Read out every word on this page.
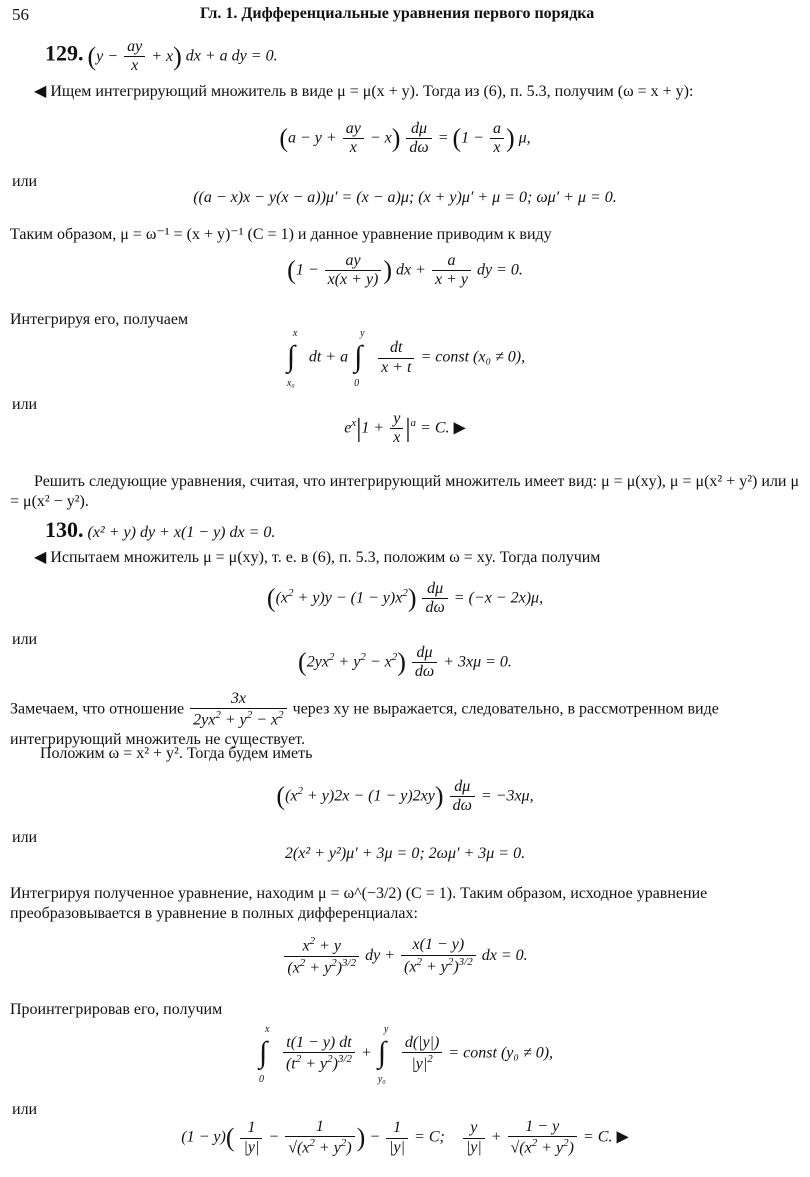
56	Гл. 1. Дифференциальные уравнения первого порядка
129. $(y - \frac{ay}{x} + x)$ dx + a dy = 0.
◀ Ищем интегрирующий множитель в виде μ = μ(x + y). Тогда из (6), п. 5.3, получим (ω = x + y):
$(a - y + \frac{ay}{x} - x) \frac{d\mu}{d\omega} = (1 - \frac{a}{x}$ ) μ,
или
((a − x)x − y(x − a))μ′ = (x − a)μ; (x + y)μ′ + μ = 0; ωμ′ + μ = 0.
Таким образом, μ = ω⁻¹ = (x + y)⁻¹ (C = 1) и данное уравнение приводим к виду
($1 - \frac{ay}{x(x + y)}$ ) dx + $\frac{a}{x + y}$ dy = 0.
Интегрируя его, получаем
∫
x
x₀
dt + a ∫
y
0

$\frac{dt}{x + t}$ = const (x₀ ≠ 0),
или
$e^x|1 + \frac{y}{x} |^a = C$. ▶
Решить следующие уравнения, считая, что интегрирующий множитель имеет вид: μ = μ(xy), μ = μ(x² + y²) или μ = μ(x² − y²).
130. (x² + y) dy + x(1 − y) dx = 0.
◀ Испытаем множитель μ = μ(xy), т. е. в (6), п. 5.3, положим ω = xy. Тогда получим
$((x^2 + y)y - (1 - y)x^2) \frac{d\mu}{d\omega} = (-x - 2x)\mu$,
или
$(2yx^2 + y^2 - x^2) \frac{d\mu}{d\omega} + 3x\mu = 0$.
Замечаем, что отношение $\frac{3x}{2yx^2 + y^2 - x^2}$ через xy не выражается, следовательно, в рассмотренном виде интегрирующий множитель не существует.
Положим ω = x² + y². Тогда будем иметь
$((x^2 + y)2x - (1 - y)2xy) \frac{d\mu}{d\omega} = -3x\mu$,
или
2(x² + y²)μ′ + 3μ = 0; 2ωμ′ + 3μ = 0.
Интегрируя полученное уравнение, находим μ = ω^(−3/2) (C = 1). Таким образом, исходное уравнение преобразовывается в уравнение в полных дифференциалах:
$\frac{x^2 + y}{(x^2 + y^2)^{3/2}}$ dy + $\frac{x(1 - y)}{(x^2 + y^2)^{3/2}}$ dx = 0.
Проинтегрировав его, получим
∫
x
0

$\frac{t(1 - y) dt}{(t^2 + y^2)^{3/2}}$ + ∫
y
y₀

$\frac{d(|y|)}{|y|^2}$ = const (y₀ ≠ 0),
или
$(1 - y)( \frac{1}{|y|} - \frac{1}{√(x^2 + y^2)}$ ) − $\frac{1}{|y|} = C$; $\frac{y}{|y|} + \frac{1 - y}{√(x^2 + y^2)} = C$. ▶
